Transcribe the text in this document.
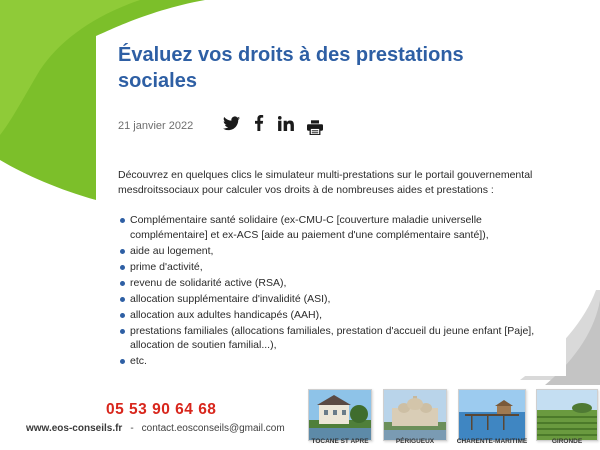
Évaluez vos droits à des prestations sociales
21 janvier 2022

Découvrez en quelques clics le simulateur multi-prestations sur le portail gouvernemental mesdroitssociaux pour calculer vos droits à de nombreuses aides et prestations :

Complémentaire santé solidaire (ex-CMU-C [couverture maladie universelle complémentaire] et ex-ACS [aide au paiement d'une complémentaire santé]),
aide au logement,
prime d'activité,
revenu de solidarité active (RSA),
allocation supplémentaire d'invalidité (ASI),
allocation aux adultes handicapés (AAH),
prestations familiales (allocations familiales, prestation d'accueil du jeune enfant [Paje], allocation de soutien familial...),
etc.
05 53 90 64 68
www.eos-conseils.fr - contact.eosconseils@gmail.com
TOCANE ST APRE	PÉRIGUEUX	CHARENTE-MARITIME	GIRONDE
